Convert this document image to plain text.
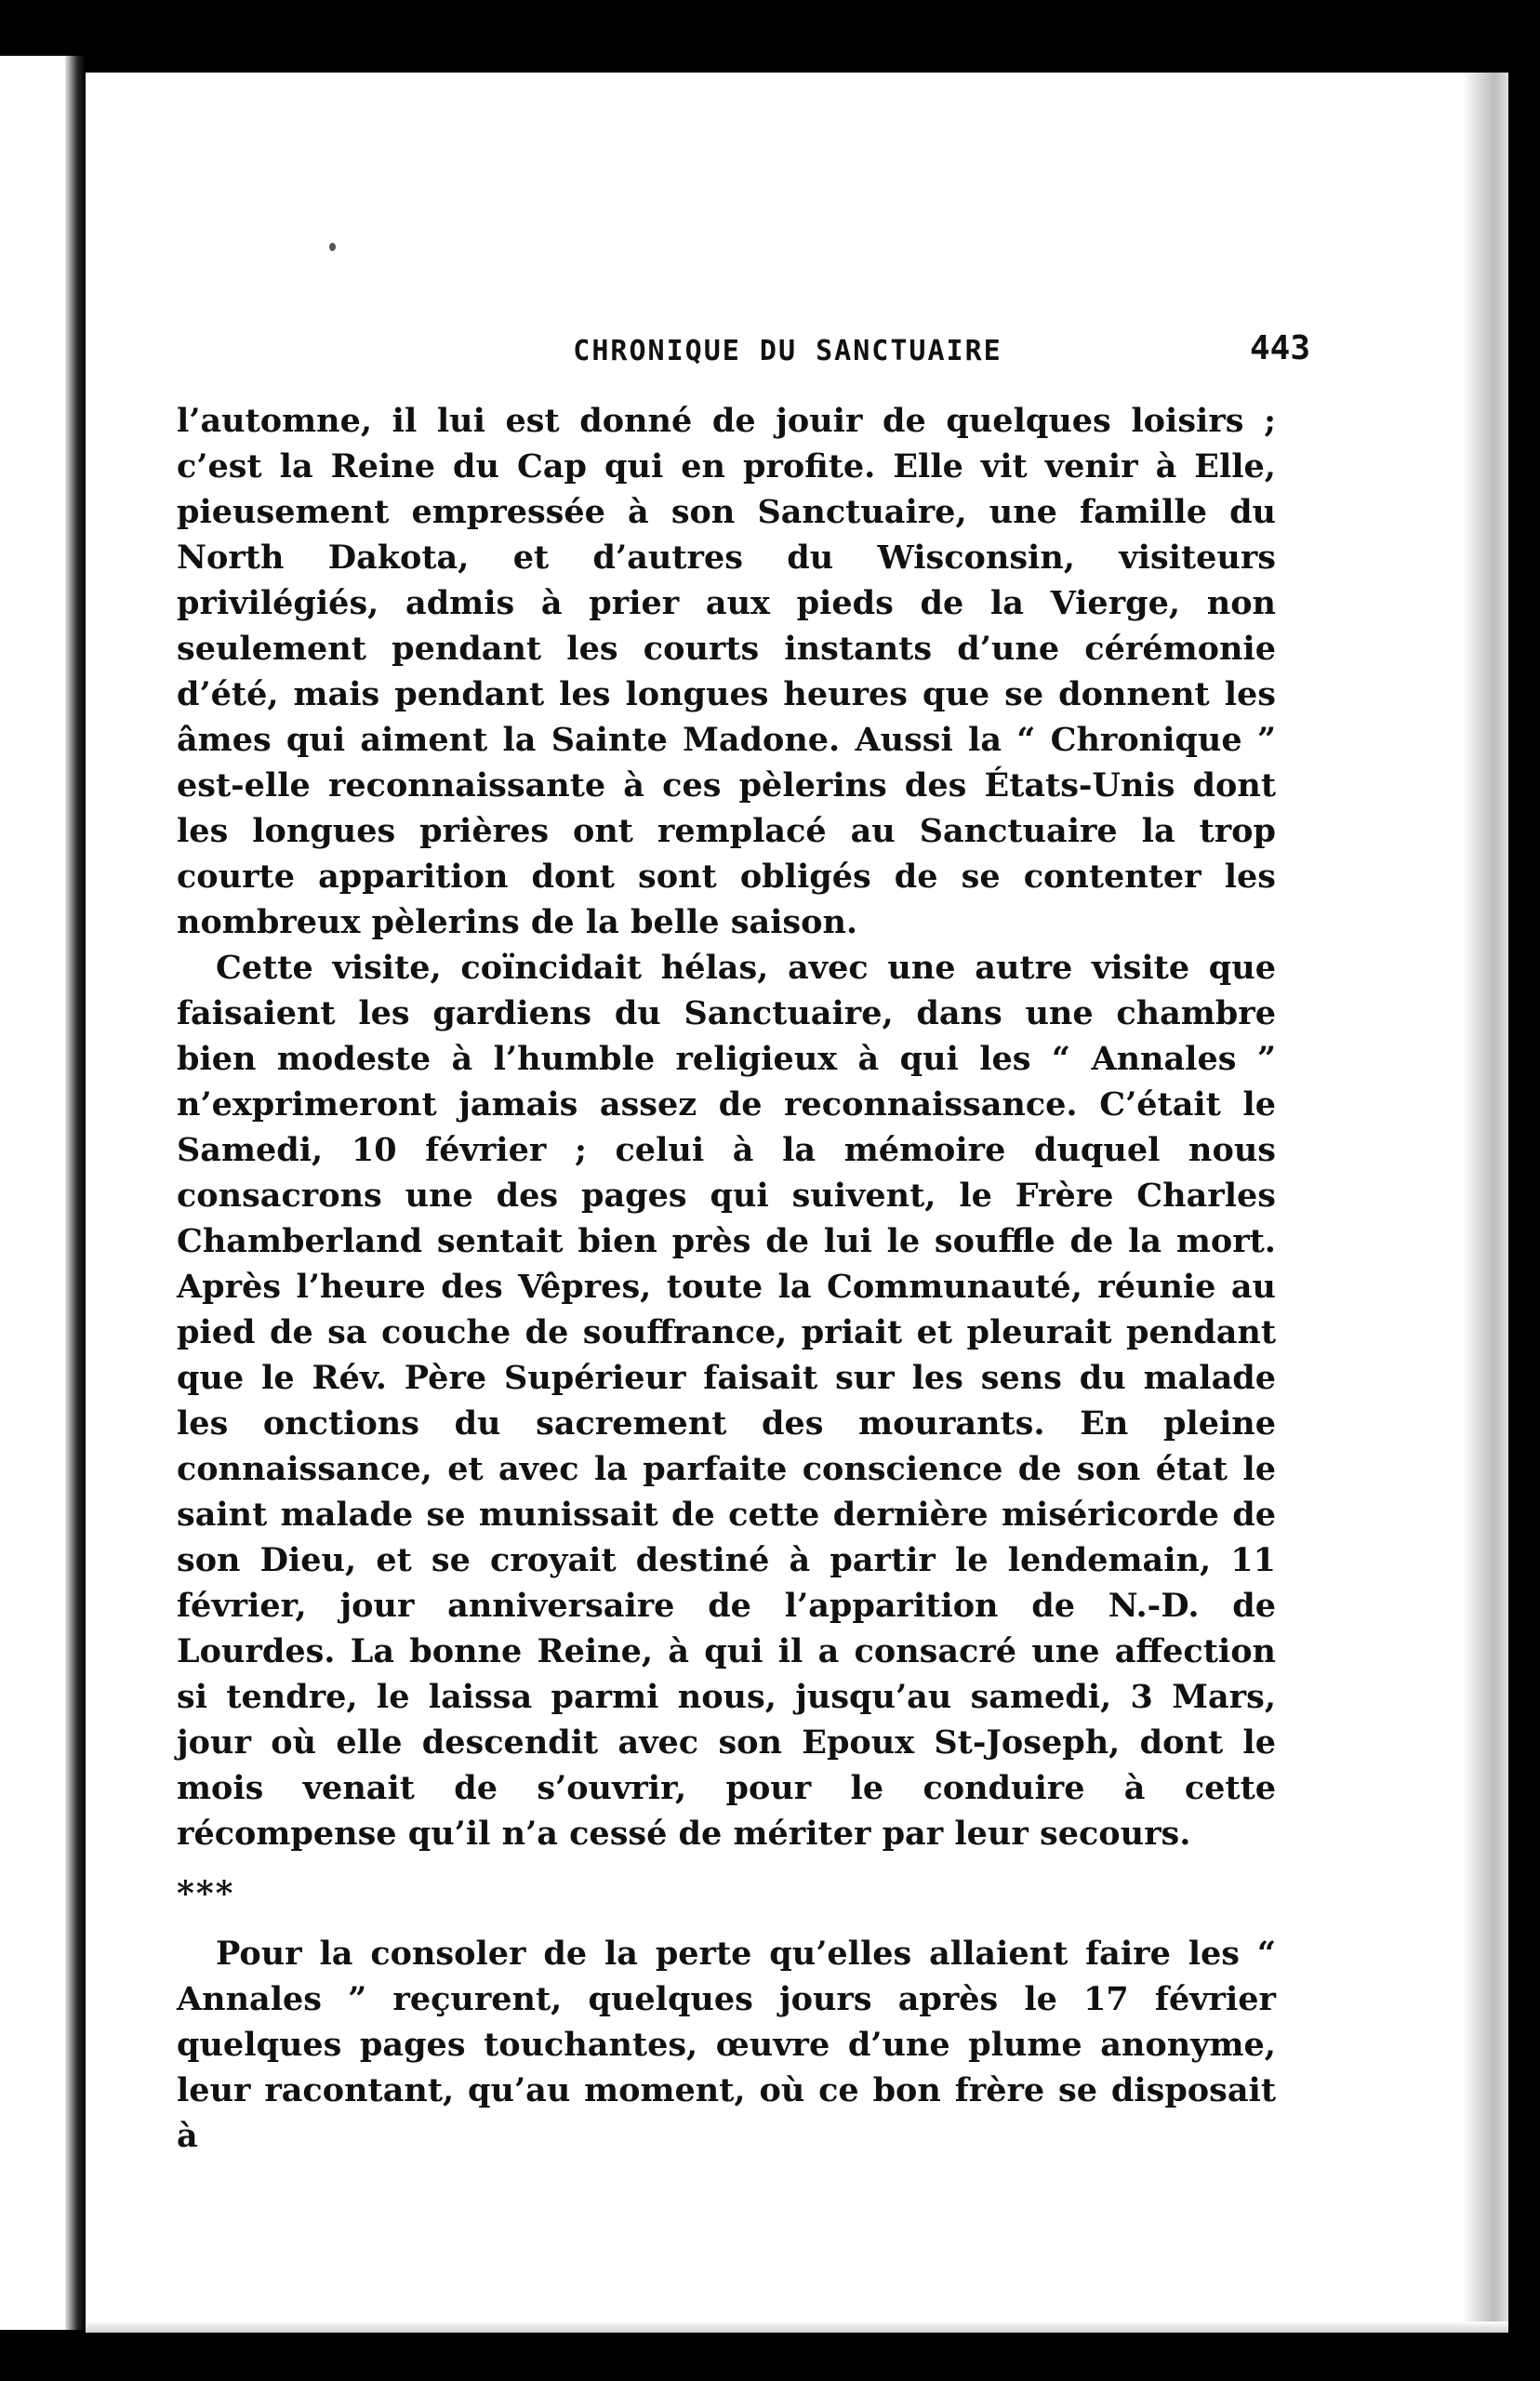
CHRONIQUE DU SANCTUAIRE	443

l’automne, il lui est donné de jouir de quelques loisirs ; c’est la Reine du Cap qui en profite. Elle vit venir à Elle, pieusement empressée à son Sanctuaire, une famille du North Dakota, et d’autres du Wisconsin, visiteurs privilégiés, admis à prier aux pieds de la Vierge, non seulement pendant les courts instants d’une cérémonie d’été, mais pendant les longues heures que se donnent les âmes qui aiment la Sainte Madone. Aussi la “ Chronique ” est-elle reconnaissante à ces pèlerins des États-Unis dont les longues prières ont remplacé au Sanctuaire la trop courte apparition dont sont obligés de se contenter les nombreux pèlerins de la belle saison.

Cette visite, coïncidait hélas, avec une autre visite que faisaient les gardiens du Sanctuaire, dans une chambre bien modeste à l’humble religieux à qui les “ Annales ” n’exprimeront jamais assez de reconnaissance. C’était le Samedi, 10 février ; celui à la mémoire duquel nous consacrons une des pages qui suivent, le Frère Charles Chamberland sentait bien près de lui le souffle de la mort. Après l’heure des Vêpres, toute la Communauté, réunie au pied de sa couche de souffrance, priait et pleurait pendant que le Rév. Père Supérieur faisait sur les sens du malade les onctions du sacrement des mourants. En pleine connaissance, et avec la parfaite conscience de son état le saint malade se munissait de cette dernière miséricorde de son Dieu, et se croyait destiné à partir le lendemain, 11 février, jour anniversaire de l’apparition de N.-D. de Lourdes. La bonne Reine, à qui il a consacré une affection si tendre, le laissa parmi nous, jusqu’au samedi, 3 Mars, jour où elle descendit avec son Epoux St-Joseph, dont le mois venait de s’ouvrir, pour le conduire à cette récompense qu’il n’a cessé de mériter par leur secours.

***

Pour la consoler de la perte qu’elles allaient faire les “ Annales ” reçurent, quelques jours après le 17 février quelques pages touchantes, œuvre d’une plume anonyme, leur racontant, qu’au moment, où ce bon frère se disposait à
